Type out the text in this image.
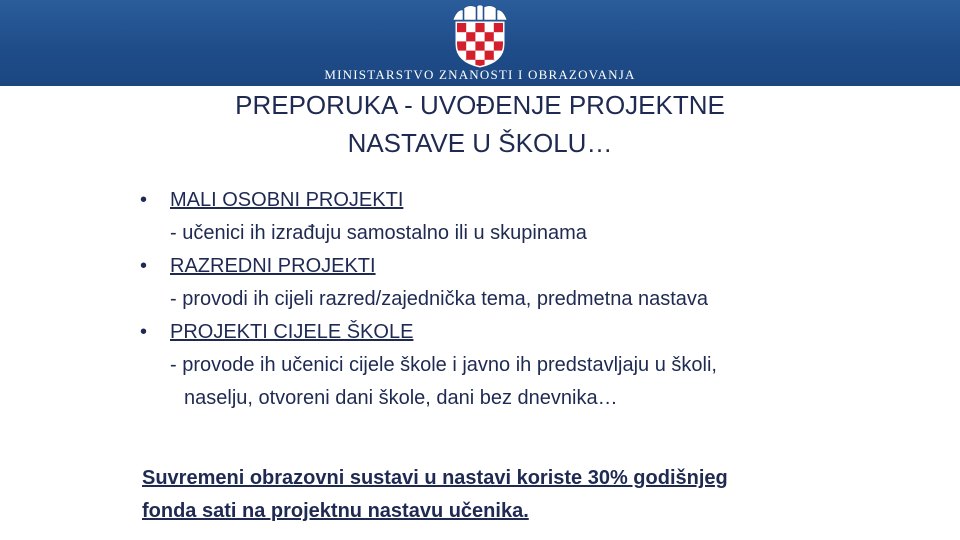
MINISTARSTVO ZNANOSTI I OBRAZOVANJA
PREPORUKA - UVOĐENJE PROJEKTNE
NASTAVE U ŠKOLU…
• MALI OSOBNI PROJEKTI
- učenici ih izrađuju samostalno ili u skupinama
• RAZREDNI PROJEKTI
- provodi ih cijeli razred/zajednička tema, predmetna nastava
• PROJEKTI CIJELE ŠKOLE
- provode ih učenici cijele škole i javno ih predstavljaju u školi,
naselju, otvoreni dani škole, dani bez dnevnika…
Suvremeni obrazovni sustavi u nastavi koriste 30% godišnjeg
fonda sati na projektnu nastavu učenika.
